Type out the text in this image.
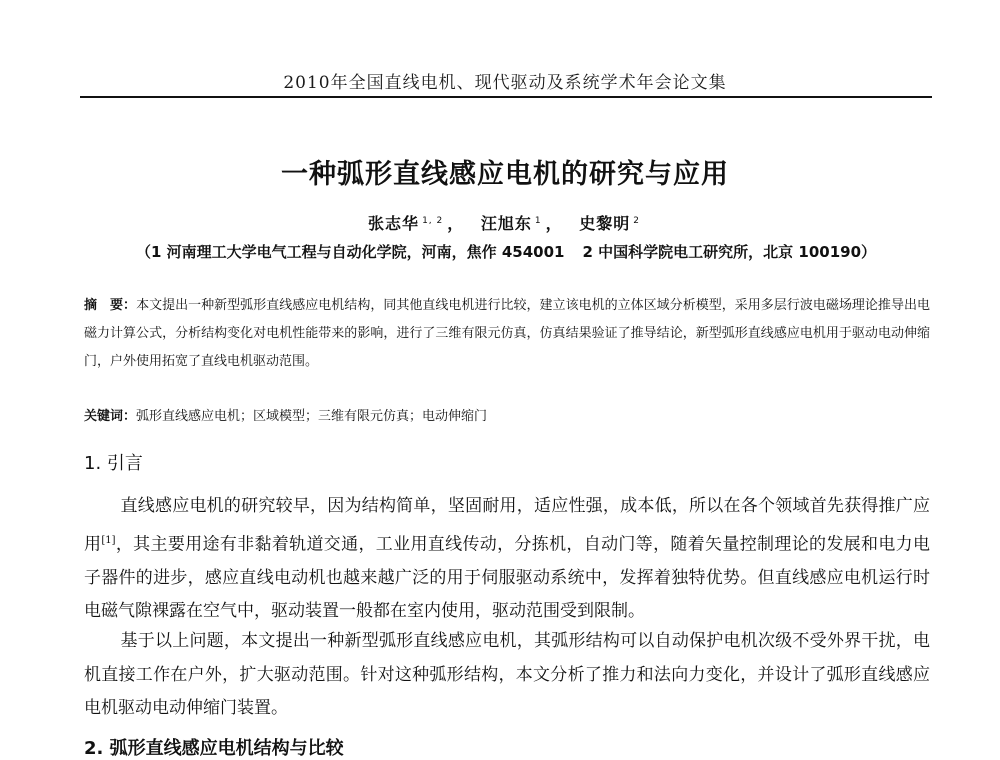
2010年全国直线电机、现代驱动及系统学术年会论文集
一种弧形直线感应电机的研究与应用
张志华 $^{1, 2}$ ， 汪旭东 $^1$ ， 史黎明 $^2$
（1 河南理工大学电气工程与自动化学院，河南，焦作 454001 2 中国科学院电工研究所，北京 100190）
摘　要：本文提出一种新型弧形直线感应电机结构，同其他直线电机进行比较，建立该电机的立体区域分析模型，采用多层行波电磁场理论推导出电磁力计算公式，分析结构变化对电机性能带来的影响，进行了三维有限元仿真，仿真结果验证了推导结论，新型弧形直线感应电机用于驱动电动伸缩门，户外使用拓宽了直线电机驱动范围。
关键词：弧形直线感应电机；区域模型；三维有限元仿真；电动伸缩门
1. 引言
直线感应电机的研究较早，因为结构简单，坚固耐用，适应性强，成本低，所以在各个领域首先获得推广应用[1]，其主要用途有非黏着轨道交通，工业用直线传动，分拣机，自动门等，随着矢量控制理论的发展和电力电子器件的进步，感应直线电动机也越来越广泛的用于伺服驱动系统中，发挥着独特优势。但直线感应电机运行时电磁气隙裸露在空气中，驱动装置一般都在室内使用，驱动范围受到限制。
基于以上问题，本文提出一种新型弧形直线感应电机，其弧形结构可以自动保护电机次级不受外界干扰，电机直接工作在户外，扩大驱动范围。针对这种弧形结构，本文分析了推力和法向力变化，并设计了弧形直线感应电机驱动电动伸缩门装置。
2. 弧形直线感应电机结构与比较
